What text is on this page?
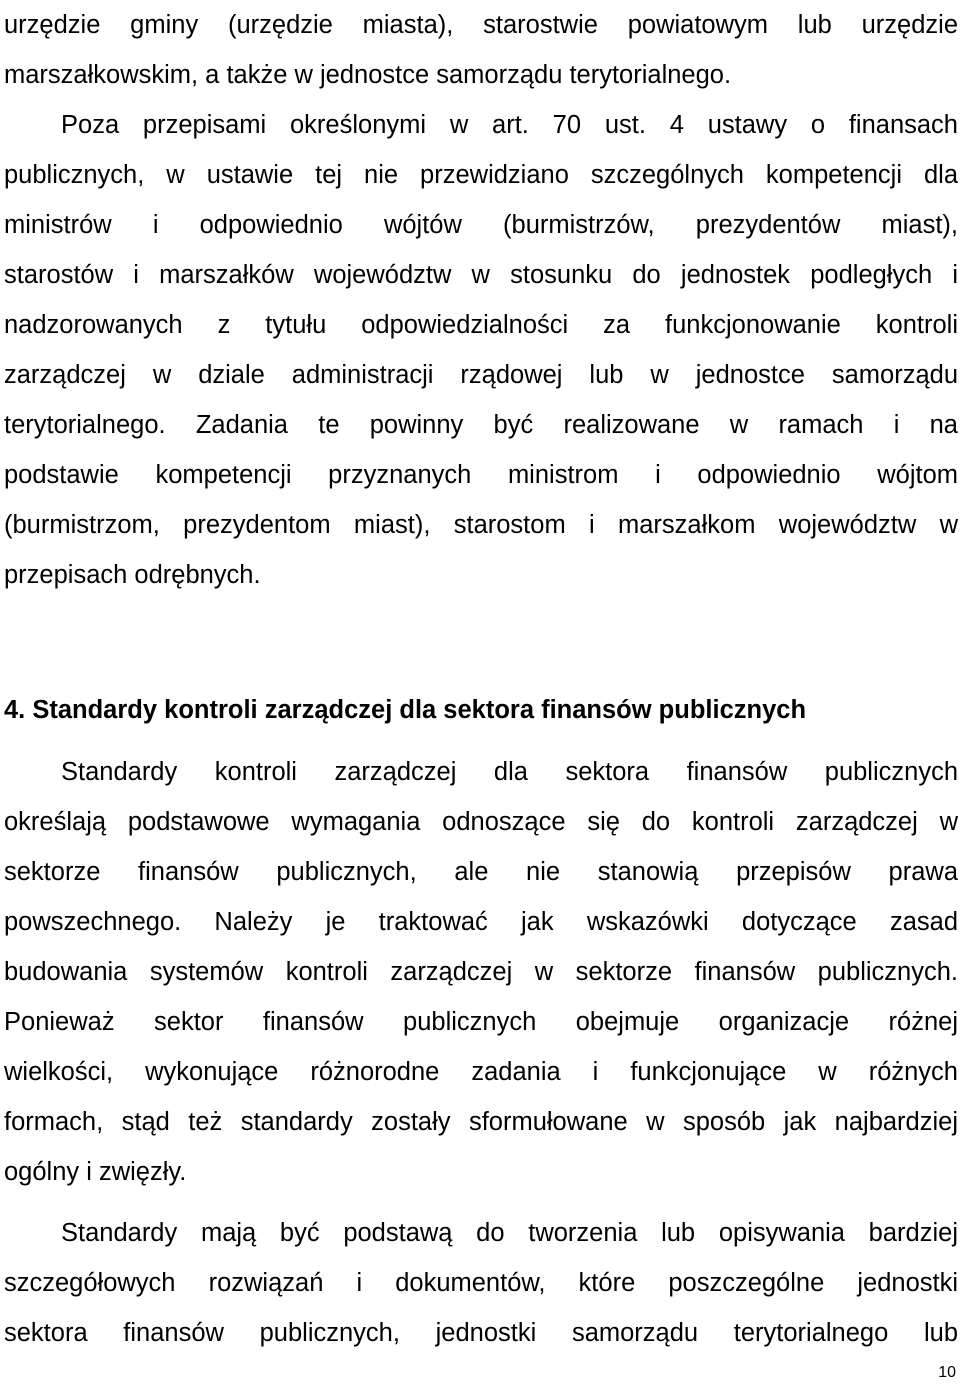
urzędzie gminy (urzędzie miasta), starostwie powiatowym lub urzędzie
marszałkowskim, a także w jednostce samorządu terytorialnego.
Poza przepisami określonymi w art. 70 ust. 4 ustawy o finansach
publicznych, w ustawie tej nie przewidziano szczególnych kompetencji dla
ministrów i odpowiednio wójtów (burmistrzów, prezydentów miast),
starostów i marszałków województw w stosunku do jednostek podległych i
nadzorowanych z tytułu odpowiedzialności za funkcjonowanie kontroli
zarządczej w dziale administracji rządowej lub w jednostce samorządu
terytorialnego. Zadania te powinny być realizowane w ramach i na
podstawie kompetencji przyznanych ministrom i odpowiednio wójtom
(burmistrzom, prezydentom miast), starostom i marszałkom województw w
przepisach odrębnych.
4. Standardy kontroli zarządczej dla sektora finansów publicznych
Standardy kontroli zarządczej dla sektora finansów publicznych
określają podstawowe wymagania odnoszące się do kontroli zarządczej w
sektorze finansów publicznych, ale nie stanowią przepisów prawa
powszechnego. Należy je traktować jak wskazówki dotyczące zasad
budowania systemów kontroli zarządczej w sektorze finansów publicznych.
Ponieważ sektor finansów publicznych obejmuje organizacje różnej
wielkości, wykonujące różnorodne zadania i funkcjonujące w różnych
formach, stąd też standardy zostały sformułowane w sposób jak najbardziej
ogólny i zwięzły.
Standardy mają być podstawą do tworzenia lub opisywania bardziej
szczegółowych rozwiązań i dokumentów, które poszczególne jednostki
sektora finansów publicznych, jednostki samorządu terytorialnego lub
10
